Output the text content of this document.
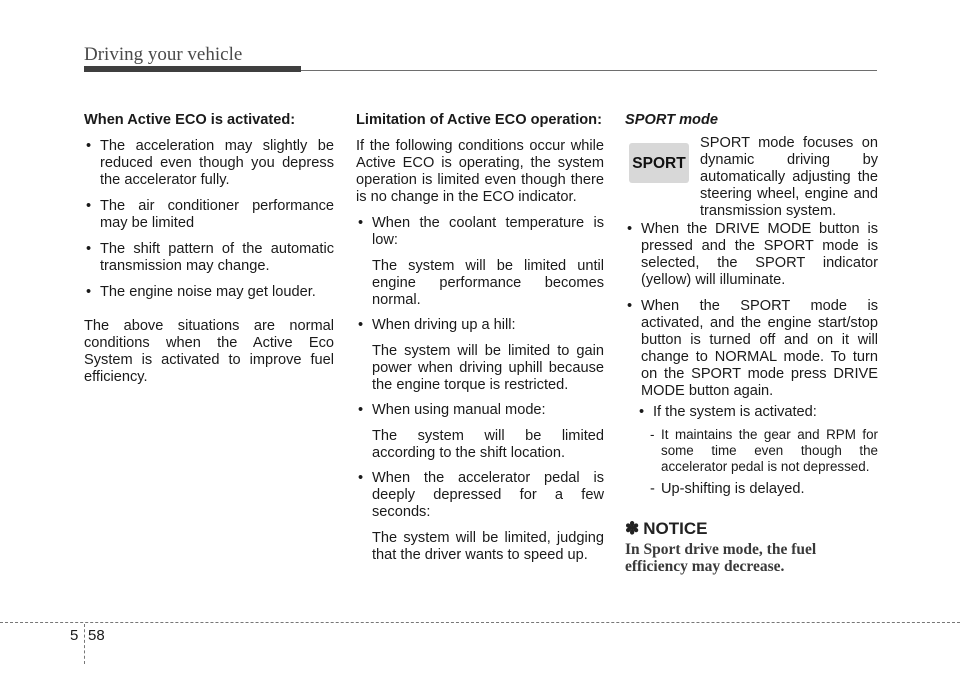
Driving your vehicle

When Active ECO is activated:

• The acceleration may slightly be reduced even though you depress the accelerator fully.

• The air conditioner performance may be limited

• The shift pattern of the automatic transmission may change.

• The engine noise may get louder.

The above situations are normal conditions when the Active Eco System is activated to improve fuel efficiency.

Limitation of Active ECO operation:

If the following conditions occur while Active ECO is operating, the system operation is limited even though there is no change in the ECO indicator.

• When the coolant temperature is low:

The system will be limited until engine performance becomes normal.

• When driving up a hill:

The system will be limited to gain power when driving uphill because the engine torque is restricted.

• When using manual mode:

The system will be limited according to the shift location.

• When the accelerator pedal is deeply depressed for a few seconds:

The system will be limited, judging that the driver wants to speed up.

SPORT mode

SPORT

SPORT mode focuses on dynamic driving by automatically adjusting the steering wheel, engine and transmission system.

• When the DRIVE MODE button is pressed and the SPORT mode is selected, the SPORT indicator (yellow) will illuminate.

• When the SPORT mode is activated, and the engine start/stop button is turned off and on it will change to NORMAL mode. To turn on the SPORT mode press DRIVE MODE button again.

• If the system is activated:

- It maintains the gear and RPM for some time even though the accelerator pedal is not depressed.

- Up-shifting is delayed.

✽ NOTICE

In Sport drive mode, the fuel efficiency may decrease.

5 58
